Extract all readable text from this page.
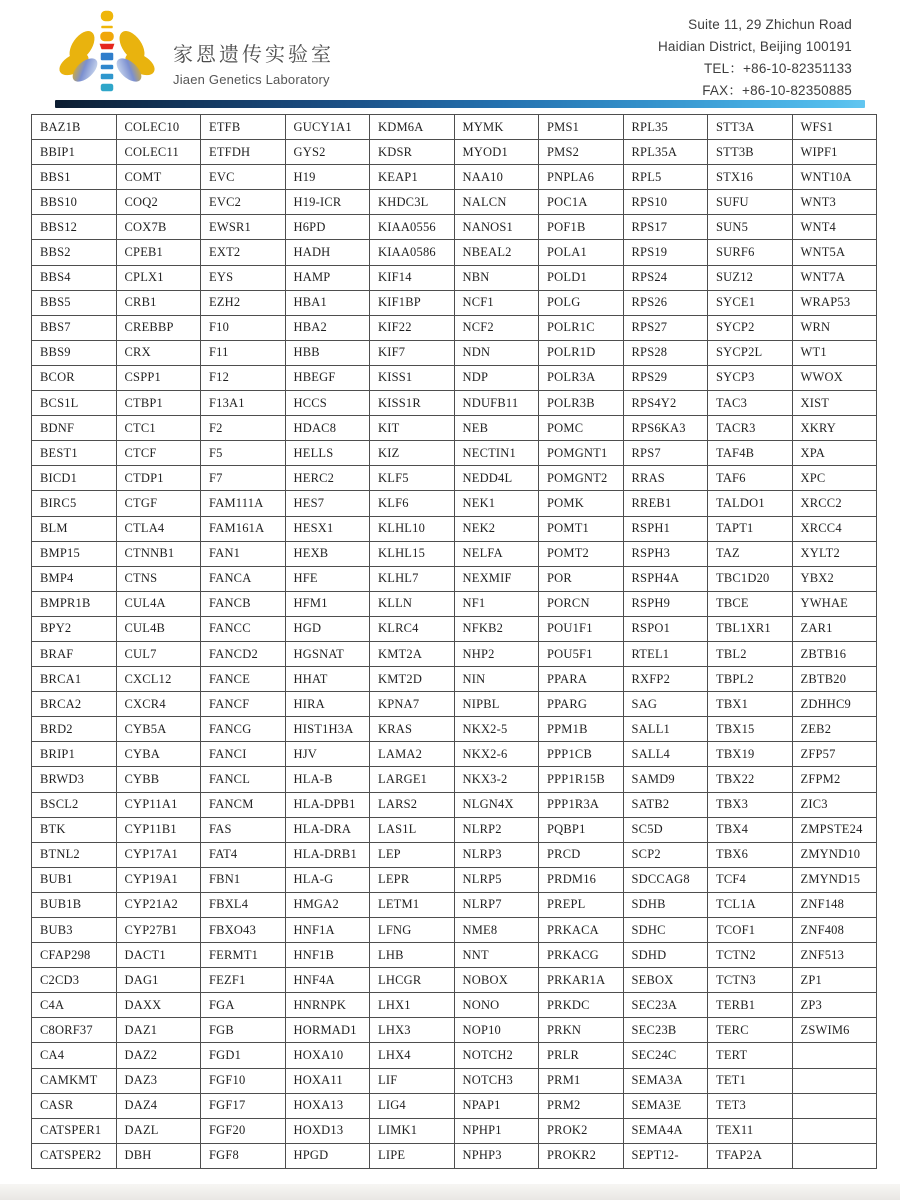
家恩遗传实验室
Jiaen Genetics Laboratory
Suite 11, 29 Zhichun Road
Haidian District, Beijing 100191
TEL：+86-10-82351133
FAX：+86-10-82350885
BAZ1B	COLEC10	ETFB	GUCY1A1	KDM6A	MYMK	PMS1	RPL35	STT3A	WFS1
BBIP1	COLEC11	ETFDH	GYS2	KDSR	MYOD1	PMS2	RPL35A	STT3B	WIPF1
BBS1	COMT	EVC	H19	KEAP1	NAA10	PNPLA6	RPL5	STX16	WNT10A
BBS10	COQ2	EVC2	H19-ICR	KHDC3L	NALCN	POC1A	RPS10	SUFU	WNT3
BBS12	COX7B	EWSR1	H6PD	KIAA0556	NANOS1	POF1B	RPS17	SUN5	WNT4
BBS2	CPEB1	EXT2	HADH	KIAA0586	NBEAL2	POLA1	RPS19	SURF6	WNT5A
BBS4	CPLX1	EYS	HAMP	KIF14	NBN	POLD1	RPS24	SUZ12	WNT7A
BBS5	CRB1	EZH2	HBA1	KIF1BP	NCF1	POLG	RPS26	SYCE1	WRAP53
BBS7	CREBBP	F10	HBA2	KIF22	NCF2	POLR1C	RPS27	SYCP2	WRN
BBS9	CRX	F11	HBB	KIF7	NDN	POLR1D	RPS28	SYCP2L	WT1
BCOR	CSPP1	F12	HBEGF	KISS1	NDP	POLR3A	RPS29	SYCP3	WWOX
BCS1L	CTBP1	F13A1	HCCS	KISS1R	NDUFB11	POLR3B	RPS4Y2	TAC3	XIST
BDNF	CTC1	F2	HDAC8	KIT	NEB	POMC	RPS6KA3	TACR3	XKRY
BEST1	CTCF	F5	HELLS	KIZ	NECTIN1	POMGNT1	RPS7	TAF4B	XPA
BICD1	CTDP1	F7	HERC2	KLF5	NEDD4L	POMGNT2	RRAS	TAF6	XPC
BIRC5	CTGF	FAM111A	HES7	KLF6	NEK1	POMK	RREB1	TALDO1	XRCC2
BLM	CTLA4	FAM161A	HESX1	KLHL10	NEK2	POMT1	RSPH1	TAPT1	XRCC4
BMP15	CTNNB1	FAN1	HEXB	KLHL15	NELFA	POMT2	RSPH3	TAZ	XYLT2
BMP4	CTNS	FANCA	HFE	KLHL7	NEXMIF	POR	RSPH4A	TBC1D20	YBX2
BMPR1B	CUL4A	FANCB	HFM1	KLLN	NF1	PORCN	RSPH9	TBCE	YWHAE
BPY2	CUL4B	FANCC	HGD	KLRC4	NFKB2	POU1F1	RSPO1	TBL1XR1	ZAR1
BRAF	CUL7	FANCD2	HGSNAT	KMT2A	NHP2	POU5F1	RTEL1	TBL2	ZBTB16
BRCA1	CXCL12	FANCE	HHAT	KMT2D	NIN	PPARA	RXFP2	TBPL2	ZBTB20
BRCA2	CXCR4	FANCF	HIRA	KPNA7	NIPBL	PPARG	SAG	TBX1	ZDHHC9
BRD2	CYB5A	FANCG	HIST1H3A	KRAS	NKX2-5	PPM1B	SALL1	TBX15	ZEB2
BRIP1	CYBA	FANCI	HJV	LAMA2	NKX2-6	PPP1CB	SALL4	TBX19	ZFP57
BRWD3	CYBB	FANCL	HLA-B	LARGE1	NKX3-2	PPP1R15B	SAMD9	TBX22	ZFPM2
BSCL2	CYP11A1	FANCM	HLA-DPB1	LARS2	NLGN4X	PPP1R3A	SATB2	TBX3	ZIC3
BTK	CYP11B1	FAS	HLA-DRA	LAS1L	NLRP2	PQBP1	SC5D	TBX4	ZMPSTE24
BTNL2	CYP17A1	FAT4	HLA-DRB1	LEP	NLRP3	PRCD	SCP2	TBX6	ZMYND10
BUB1	CYP19A1	FBN1	HLA-G	LEPR	NLRP5	PRDM16	SDCCAG8	TCF4	ZMYND15
BUB1B	CYP21A2	FBXL4	HMGA2	LETM1	NLRP7	PREPL	SDHB	TCL1A	ZNF148
BUB3	CYP27B1	FBXO43	HNF1A	LFNG	NME8	PRKACA	SDHC	TCOF1	ZNF408
CFAP298	DACT1	FERMT1	HNF1B	LHB	NNT	PRKACG	SDHD	TCTN2	ZNF513
C2CD3	DAG1	FEZF1	HNF4A	LHCGR	NOBOX	PRKAR1A	SEBOX	TCTN3	ZP1
C4A	DAXX	FGA	HNRNPK	LHX1	NONO	PRKDC	SEC23A	TERB1	ZP3
C8ORF37	DAZ1	FGB	HORMAD1	LHX3	NOP10	PRKN	SEC23B	TERC	ZSWIM6
CA4	DAZ2	FGD1	HOXA10	LHX4	NOTCH2	PRLR	SEC24C	TERT	
CAMKMT	DAZ3	FGF10	HOXA11	LIF	NOTCH3	PRM1	SEMA3A	TET1	
CASR	DAZ4	FGF17	HOXA13	LIG4	NPAP1	PRM2	SEMA3E	TET3	
CATSPER1	DAZL	FGF20	HOXD13	LIMK1	NPHP1	PROK2	SEMA4A	TEX11	
CATSPER2	DBH	FGF8	HPGD	LIPE	NPHP3	PROKR2	SEPT12-	TFAP2A	
